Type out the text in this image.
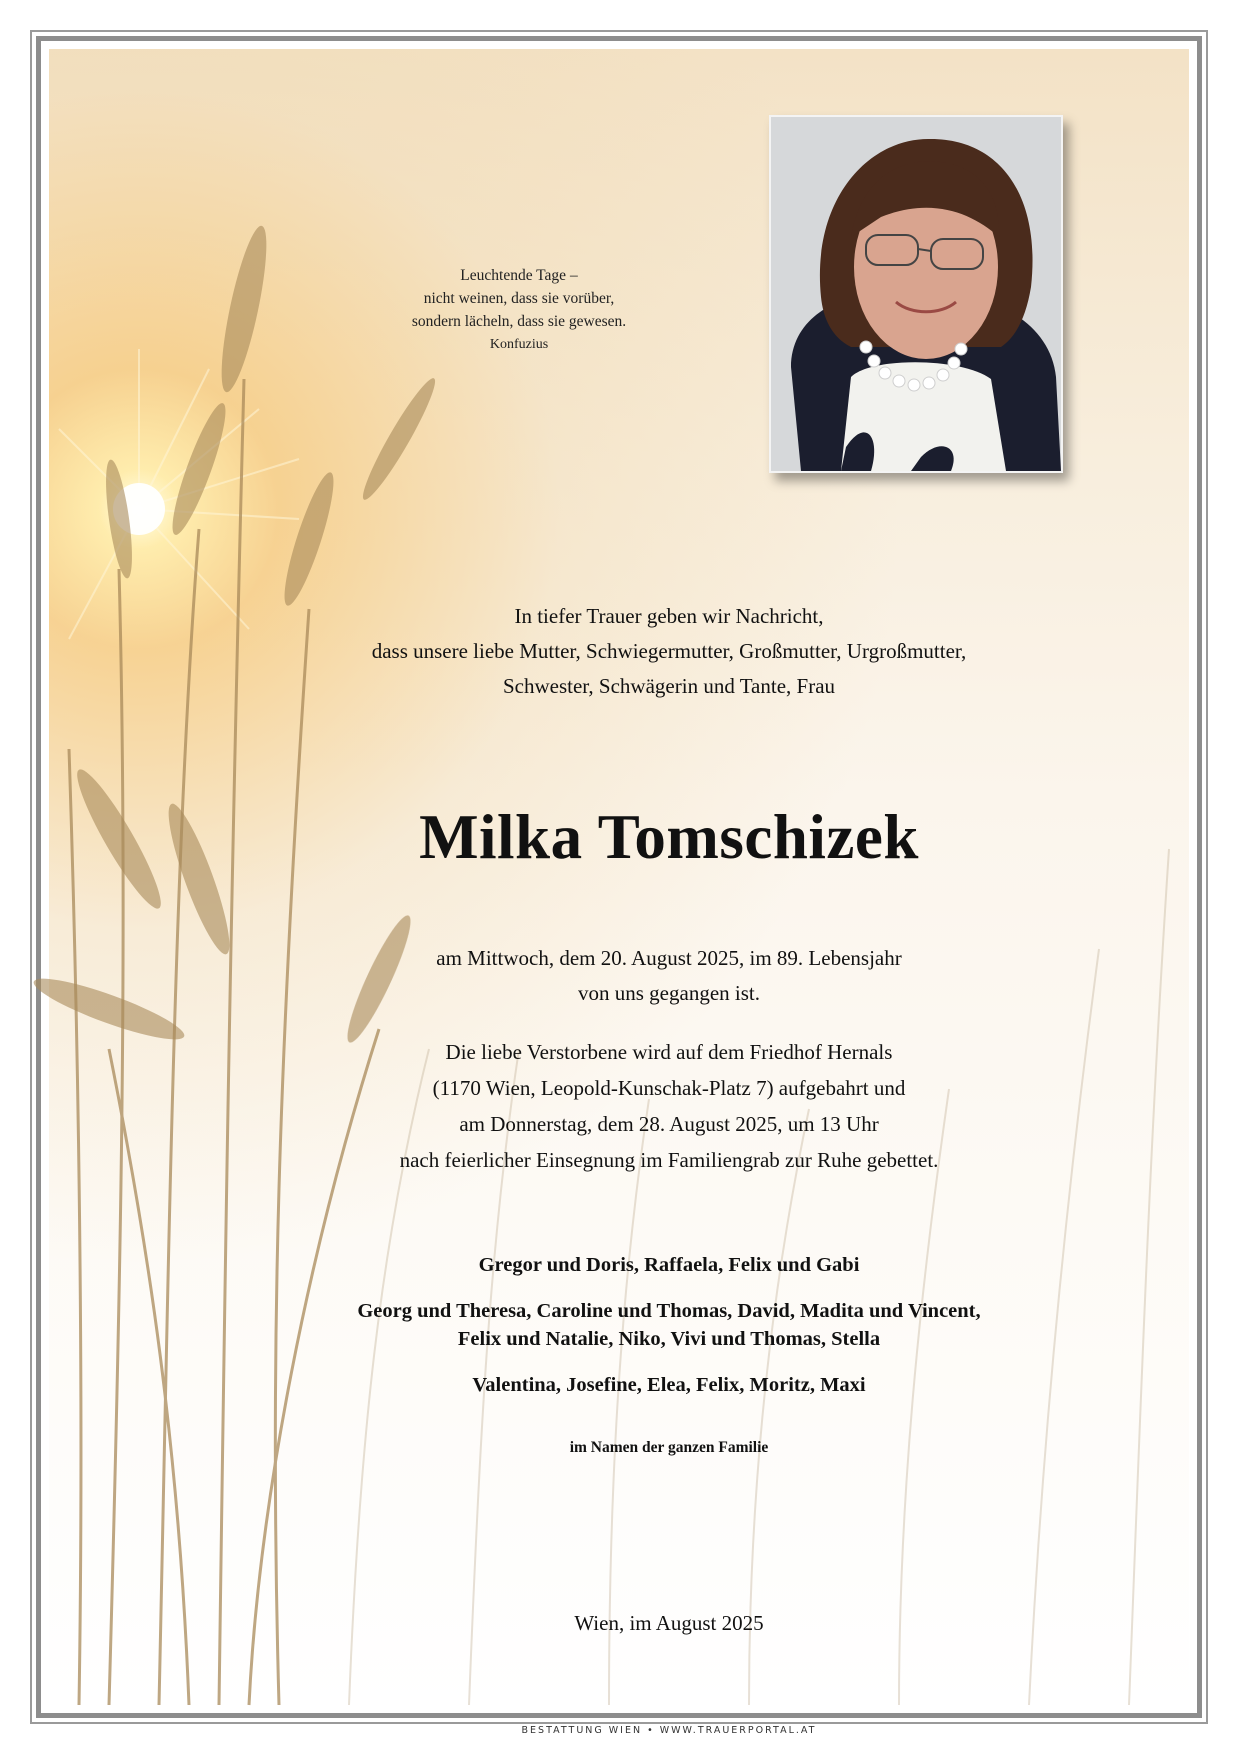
Leuchtende Tage –
nicht weinen, dass sie vorüber,
sondern lächeln, dass sie gewesen.
Konfuzius
In tiefer Trauer geben wir Nachricht,
dass unsere liebe Mutter, Schwiegermutter, Großmutter, Urgroßmutter,
Schwester, Schwägerin und Tante, Frau
Milka Tomschizek
am Mittwoch, dem 20. August 2025, im 89. Lebensjahr
von uns gegangen ist.
Die liebe Verstorbene wird auf dem Friedhof Hernals
(1170 Wien, Leopold-Kunschak-Platz 7) aufgebahrt und
am Donnerstag, dem 28. August 2025, um 13 Uhr
nach feierlicher Einsegnung im Familiengrab zur Ruhe gebettet.

Gregor und Doris, Raffaela, Felix und Gabi

Georg und Theresa, Caroline und Thomas, David, Madita und Vincent,
Felix und Natalie, Niko, Vivi und Thomas, Stella

Valentina, Josefine, Elea, Felix, Moritz, Maxi

im Namen der ganzen Familie
Wien, im August 2025
BESTATTUNG WIEN • WWW.TRAUERPORTAL.AT
